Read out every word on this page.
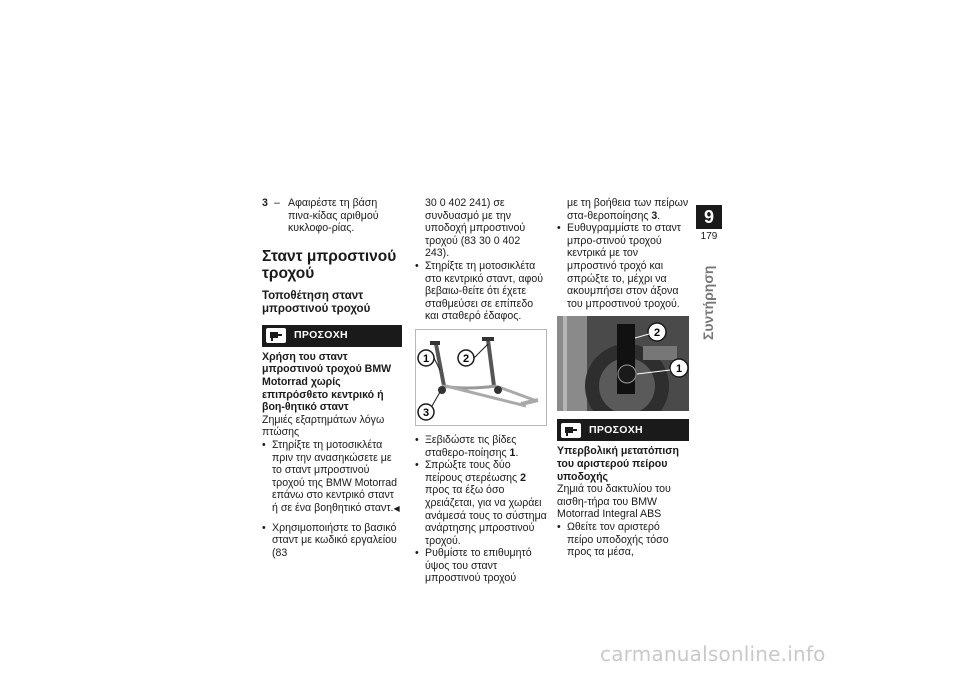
3 – Αφαιρέστε τη βάση πινα-κίδας αριθμού κυκλοφο-ρίας.
Σταντ μπροστινού τροχού
Τοποθέτηση σταντ μπροστινού τροχού
ΠΡΟΣΟΧΗ
Χρήση του σταντ μπροστινού τροχού BMW Motorrad χωρίς επιπρόσθετο κεντρικό ή βοη-θητικό σταντ
Ζημιές εξαρτημάτων λόγω πτώσης
• Στηρίξτε τη μοτοσικλέτα πριν την ανασηκώσετε με το σταντ μπροστινού τροχού της BMW Motorrad επάνω στο κεντρικό σταντ ή σε ένα βοηθητικό σταντ.◀
• Χρησιμοποιήστε το βασικό σταντ με κωδικό εργαλείου (83
30 0 402 241) σε συνδυασμό με την υποδοχή μπροστινού τροχού (83 30 0 402 243).
• Στηρίξτε τη μοτοσικλέτα στο κεντρικό σταντ, αφού βεβαιω-θείτε ότι έχετε σταθμεύσει σε επίπεδο και σταθερό έδαφος.
1	2
3
• Ξεβιδώστε τις βίδες σταθερο-ποίησης 1.
• Σπρώξτε τους δύο πείρους στερέωσης 2 προς τα έξω όσο χρειάζεται, για να χωράει ανάμεσά τους το σύστημα ανάρτησης μπροστινού τροχού.
• Ρυθμίστε το επιθυμητό ύψος του σταντ μπροστινού τροχού
με τη βοήθεια των πείρων στα-θεροποίησης 3.
• Ευθυγραμμίστε το σταντ μπρο-στινού τροχού κεντρικά με τον μπροστινό τροχό και σπρώξτε το, μέχρι να ακουμπήσει στον άξονα του μπροστινού τροχού.
2
1
ΠΡΟΣΟΧΗ
Υπερβολική μετατόπιση του αριστερού πείρου υποδοχής
Ζημιά του δακτυλίου του αισθη-τήρα του BMW Motorrad Integral ABS
• Ωθείτε τον αριστερό πείρο υποδοχής τόσο προς τα μέσα,
9
179
Συντήρηση
carmanualsonline.info
